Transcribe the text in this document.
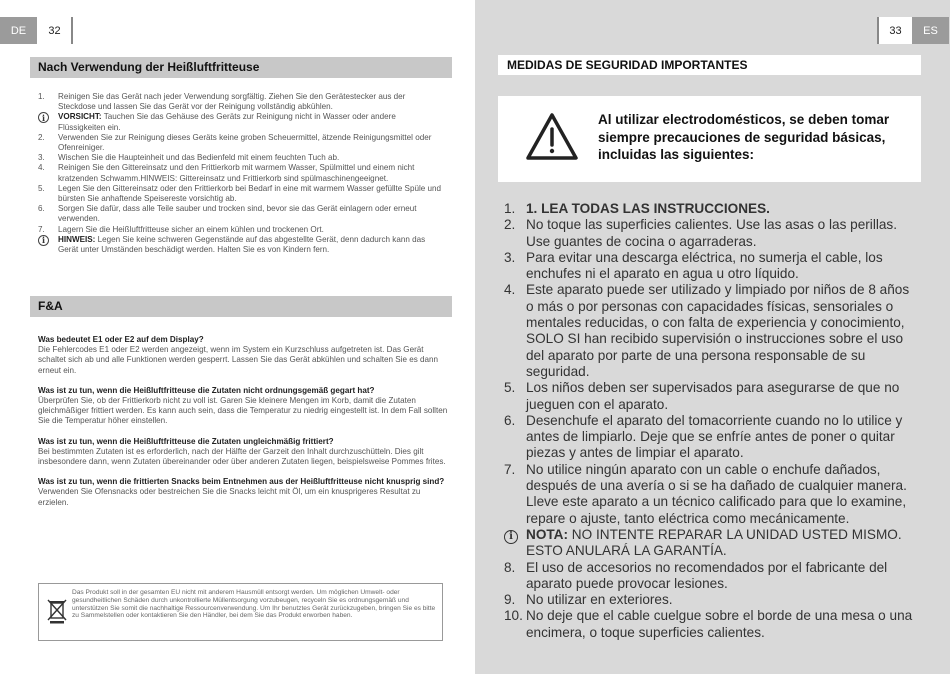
DE	32
Nach Verwendung der Heißluftfritteuse
1.	Reinigen Sie das Gerät nach jeder Verwendung sorgfältig. Ziehen Sie den Gerätestecker aus der Steckdose und lassen Sie das Gerät vor der Reinigung vollständig abkühlen.
i	VORSICHT: Tauchen Sie das Gehäuse des Geräts zur Reinigung nicht in Wasser oder andere Flüssigkeiten ein.
2.	Verwenden Sie zur Reinigung dieses Geräts keine groben Scheuermittel, ätzende Reinigungsmittel oder Ofenreiniger.
3.	Wischen Sie die Haupteinheit und das Bedienfeld mit einem feuchten Tuch ab.
4.	Reinigen Sie den Gittereinsatz und den Frittierkorb mit warmem Wasser, Spülmittel und einem nicht kratzenden Schwamm.HINWEIS: Gittereinsatz und Frittierkorb sind spülmaschinengeeignet.
5.	Legen Sie den Gittereinsatz oder den Frittierkorb bei Bedarf in eine mit warmem Wasser gefüllte Spüle und bürsten Sie anhaftende Speisereste vorsichtig ab.
6.	Sorgen Sie dafür, dass alle Teile sauber und trocken sind, bevor sie das Gerät einlagern oder erneut verwenden.
7.	Lagern Sie die Heißluftfritteuse sicher an einem kühlen und trockenen Ort.
i	HINWEIS: Legen Sie keine schweren Gegenstände auf das abgestellte Gerät, denn dadurch kann das Gerät unter Umständen beschädigt werden. Halten Sie es von Kindern fern.
F&A
Was bedeutet E1 oder E2 auf dem Display?
Die Fehlercodes E1 oder E2 werden angezeigt, wenn im System ein Kurzschluss aufgetreten ist. Das Gerät schaltet sich ab und alle Funktionen werden gesperrt. Lassen Sie das Gerät abkühlen und schalten Sie es dann erneut ein.
Was ist zu tun, wenn die Heißluftfritteuse die Zutaten nicht ordnungsgemäß gegart hat?
Überprüfen Sie, ob der Frittierkorb nicht zu voll ist. Garen Sie kleinere Mengen im Korb, damit die Zutaten gleichmäßiger frittiert werden. Es kann auch sein, dass die Temperatur zu niedrig eingestellt ist. In dem Fall sollten Sie die Temperatur höher einstellen.
Was ist zu tun, wenn die Heißluftfritteuse die Zutaten ungleichmäßig frittiert?
Bei bestimmten Zutaten ist es erforderlich, nach der Hälfte der Garzeit den Inhalt durchzuschütteln. Dies gilt insbesondere dann, wenn Zutaten übereinander oder über anderen Zutaten liegen, beispielsweise Pommes frites.
Was ist zu tun, wenn die frittierten Snacks beim Entnehmen aus der Heißluftfritteuse nicht knusprig sind?
Verwenden Sie Ofensnacks oder bestreichen Sie die Snacks leicht mit Öl, um ein knusprigeres Resultat zu erzielen.
Das Produkt soll in der gesamten EU nicht mit anderem Hausmüll entsorgt werden. Um möglichen Umwelt- oder gesundheitlichen Schäden durch unkontrollierte Müllentsorgung vorzubeugen, recyceln Sie es ordnungsgemäß und unterstützen Sie somit die nachhaltige Ressourcenverwendung. Um Ihr benutztes Gerät zurückzugeben, bringen Sie es bitte zu Sammelstellen oder kontaktieren Sie den Händler, bei dem Sie das Produkt erworben haben.
33	ES
MEDIDAS DE SEGURIDAD IMPORTANTES
Al utilizar electrodomésticos, se deben tomar siempre precauciones de seguridad básicas, incluidas las siguientes:
1. 1. LEA TODAS LAS INSTRUCCIONES.
2. No toque las superficies calientes. Use las asas o las perillas. Use guantes de cocina o agarraderas.
3. Para evitar una descarga eléctrica, no sumerja el cable, los enchufes ni el aparato en agua u otro líquido.
4. Este aparato puede ser utilizado y limpiado por niños de 8 años o más o por personas con capacidades físicas, sensoriales o mentales reducidas, o con falta de experiencia y conocimiento, SOLO SI han recibido supervisión o instrucciones sobre el uso del aparato por parte de una persona responsable de su seguridad.
5. Los niños deben ser supervisados para asegurarse de que no jueguen con el aparato.
6. Desenchufe el aparato del tomacorriente cuando no lo utilice y antes de limpiarlo. Deje que se enfríe antes de poner o quitar piezas y antes de limpiar el aparato.
7. No utilice ningún aparato con un cable o enchufe dañados, después de una avería o si se ha dañado de cualquier manera. Lleve este aparato a un técnico calificado para que lo examine, repare o ajuste, tanto eléctrica como mecánicamente.
i NOTA: NO INTENTE REPARAR LA UNIDAD USTED MISMO. ESTO ANULARÁ LA GARANTÍA.
8. El uso de accesorios no recomendados por el fabricante del aparato puede provocar lesiones.
9. No utilizar en exteriores.
10. No deje que el cable cuelgue sobre el borde de una mesa o una encimera, o toque superficies calientes.
